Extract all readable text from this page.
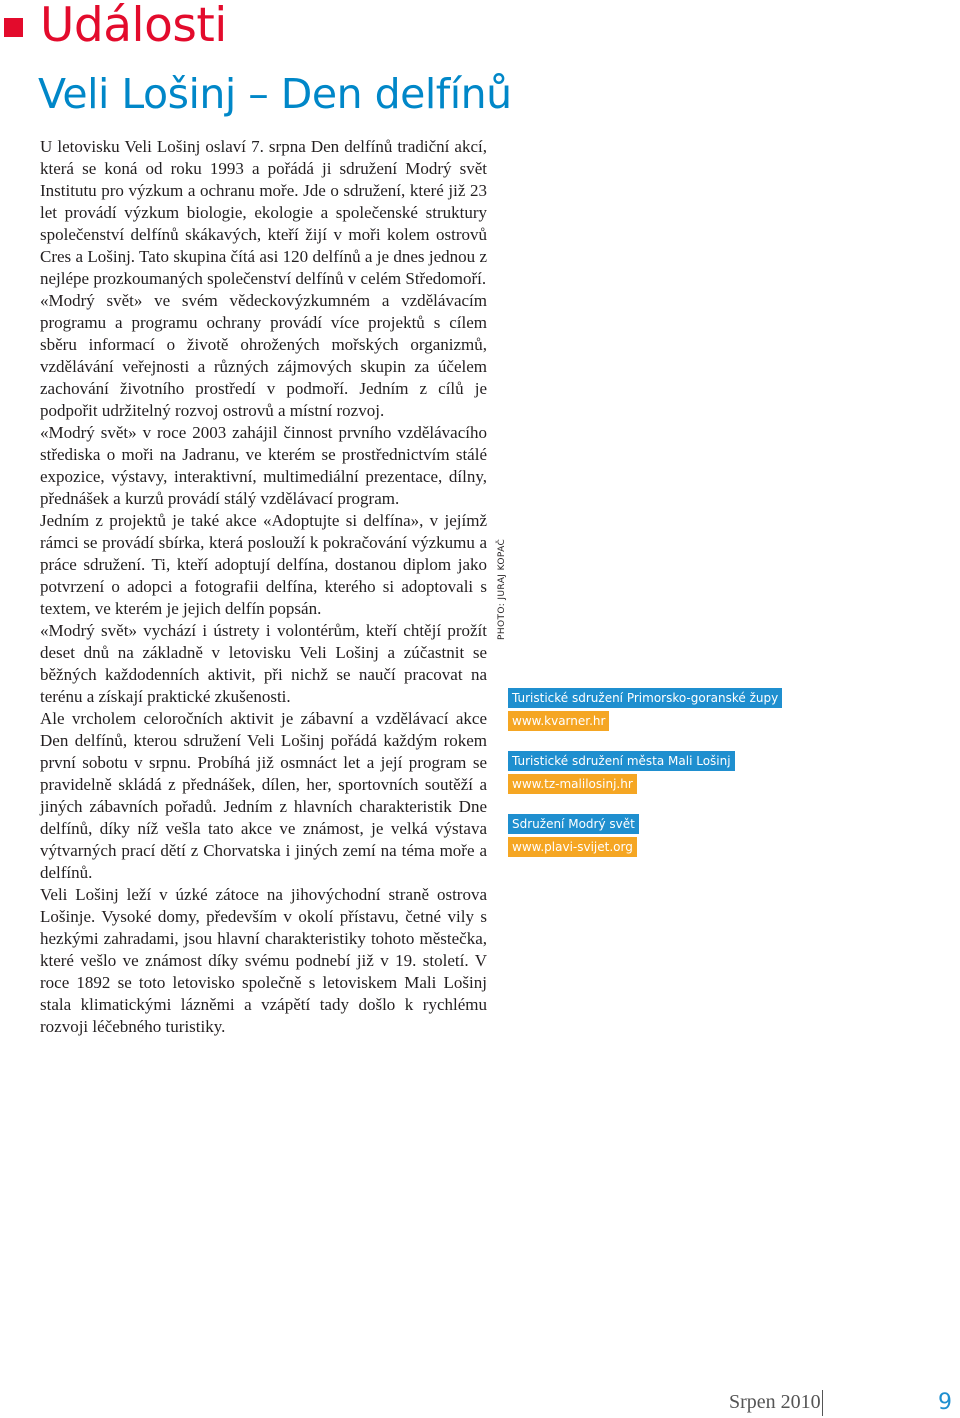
Události
Veli Lošinj – Den delfínů

U letovisku Veli Lošinj oslaví 7. srpna Den delfínů tradiční akcí, která se koná od roku 1993 a pořádá ji sdružení Modrý svět Institutu pro výzkum a ochranu moře. Jde o sdružení, které již 23 let provádí výzkum biologie, ekologie a společenské struktury společenství delfínů skákavých, kteří žijí v moři kolem ostrovů Cres a Lošinj. Tato skupina čítá asi 120 delfínů a je dnes jednou z nejlépe prozkoumaných společenství delfínů v celém Středomoří.

«Modrý svět» ve svém vědeckovýzkumném a vzdělávacím programu a programu ochrany provádí více projektů s cílem sběru informací o životě ohrožených mořských organizmů, vzdělávání veřejnosti a různých zájmových skupin za účelem zachování životního prostředí v podmoří. Jedním z cílů je podpořit udržitelný rozvoj ostrovů a místní rozvoj.

«Modrý svět» v roce 2003 zahájil činnost prvního vzdělávacího střediska o moři na Jadranu, ve kterém se prostřednictvím stálé expozice, výstavy, interaktivní, multimediální prezentace, dílny, přednášek a kurzů provádí stálý vzdělávací program.

Jedním z projektů je také akce «Adoptujte si delfína», v jejímž rámci se provádí sbírka, která poslouží k pokračování výzkumu a práce sdružení. Ti, kteří adoptují delfína, dostanou diplom jako potvrzení o adopci a fotografii delfína, kterého si adoptovali s textem, ve kterém je jejich delfín popsán.

«Modrý svět» vychází i ústrety i volontérům, kteří chtějí prožít deset dnů na základně v letovisku Veli Lošinj a zúčastnit se běžných každodenních aktivit, při nichž se naučí pracovat na terénu a získají praktické zkušenosti.

Ale vrcholem celoročních aktivit je zábavní a vzdělávací akce Den delfínů, kterou sdružení Veli Lošinj pořádá každým rokem první sobotu v srpnu. Probíhá již osmnáct let a její program se pravidelně skládá z přednášek, dílen, her, sportovních soutěží a jiných zábavních pořadů. Jedním z hlavních charakteristik Dne delfínů, díky níž vešla tato akce ve známost, je velká výstava výtvarných prací dětí z Chorvatska i jiných zemí na téma moře a delfínů.

Veli Lošinj leží v úzké zátoce na jihovýchodní straně ostrova Lošinje. Vysoké domy, především v okolí přístavu, četné vily s hezkými zahradami, jsou hlavní charakteristiky tohoto městečka, které vešlo ve známost díky svému podnebí již v 19. století. V roce 1892 se toto letovisko společně s letoviskem Mali Lošinj stala klimatickými lázněmi a vzápětí tady došlo k rychlému rozvoji léčebného turistiky.

PHOTO: JURAJ KOPAČ
Turistické sdružení Primorsko-goranské župy
www.kvarner.hr
Turistické sdružení města Mali Lošinj
www.tz-malilosinj.hr
Sdružení Modrý svět
www.plavi-svijet.org
Srpen 2010	9
